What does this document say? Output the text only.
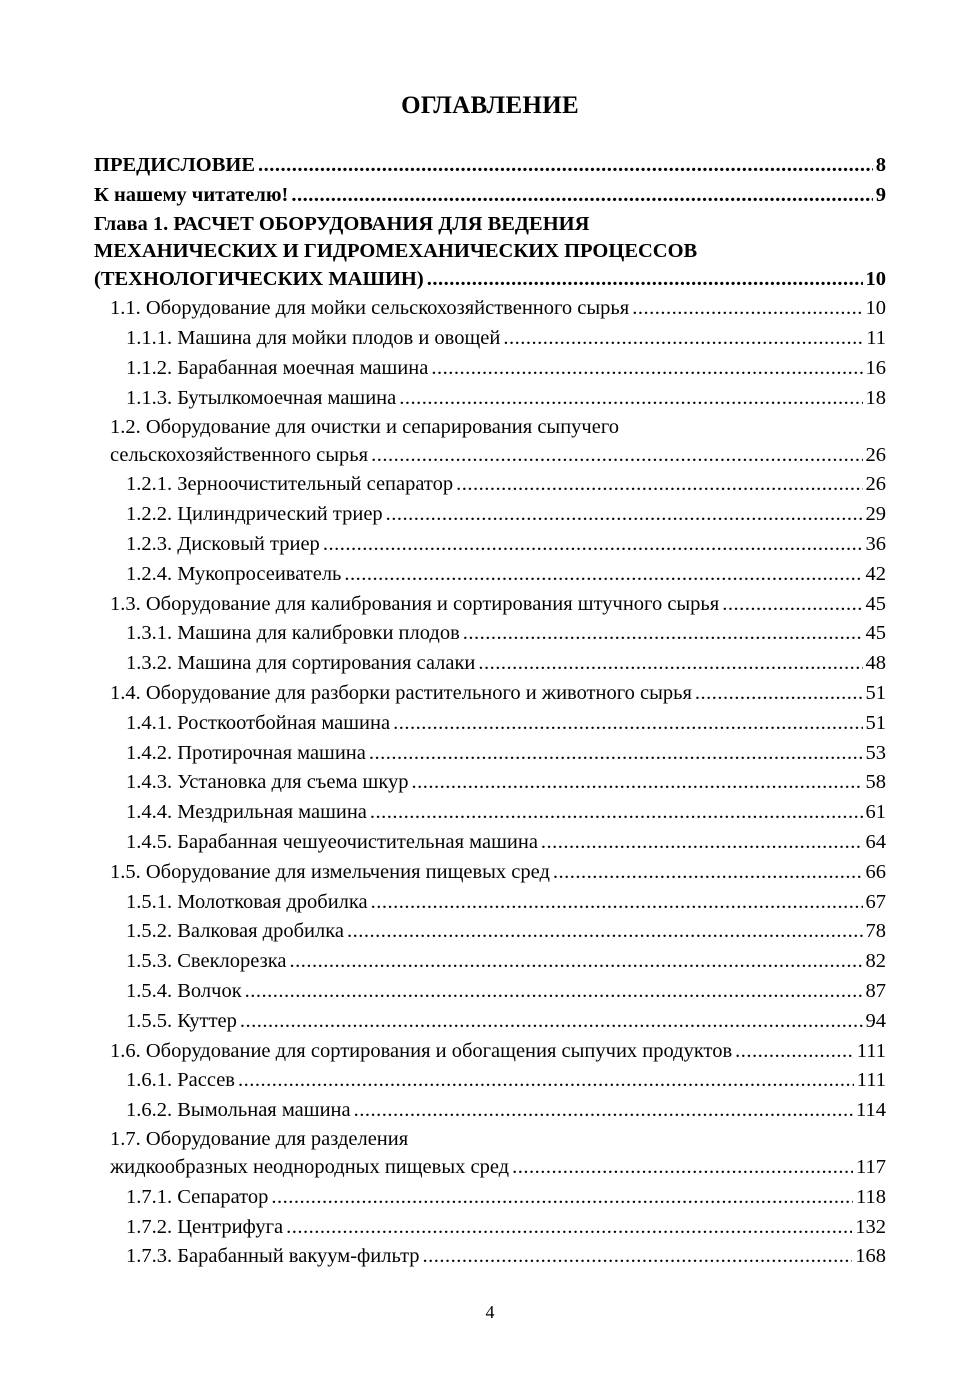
ОГЛАВЛЕНИЕ
ПРЕДИСЛОВИЕ .....	8
К нашему читателю! .....	9
Глава 1. РАСЧЕТ ОБОРУДОВАНИЯ ДЛЯ ВЕДЕНИЯ
МЕХАНИЧЕСКИХ И ГИДРОМЕХАНИЧЕСКИХ ПРОЦЕССОВ
(ТЕХНОЛОГИЧЕСКИХ МАШИН) .....	10
1.1. Оборудование для мойки сельскохозяйственного сырья .....	10
1.1.1. Машина для мойки плодов и овощей .....	11
1.1.2. Барабанная моечная машина .....	16
1.1.3. Бутылкомоечная машина .....	18
1.2. Оборудование для очистки и сепарирования сыпучего
сельскохозяйственного сырья .....	26
1.2.1. Зерноочистительный сепаратор .....	26
1.2.2. Цилиндрический триер .....	29
1.2.3. Дисковый триер .....	36
1.2.4. Мукопросеиватель .....	42
1.3. Оборудование для калибрования и сортирования штучного сырья .....	45
1.3.1. Машина для калибровки плодов .....	45
1.3.2. Машина для сортирования салаки .....	48
1.4. Оборудование для разборки растительного и животного сырья .....	51
1.4.1. Росткоотбойная машина .....	51
1.4.2. Протирочная машина .....	53
1.4.3. Установка для съема шкур .....	58
1.4.4. Мездрильная машина .....	61
1.4.5. Барабанная чешуеочистительная машина .....	64
1.5. Оборудование для измельчения пищевых сред .....	66
1.5.1. Молотковая дробилка .....	67
1.5.2. Валковая дробилка .....	78
1.5.3. Свеклорезка .....	82
1.5.4. Волчок .....	87
1.5.5. Куттер .....	94
1.6. Оборудование для сортирования и обогащения сыпучих продуктов .....	111
1.6.1. Рассев .....	111
1.6.2. Вымольная машина .....	114
1.7. Оборудование для разделения
жидкообразных неоднородных пищевых сред .....	117
1.7.1. Сепаратор .....	118
1.7.2. Центрифуга .....	132
1.7.3. Барабанный вакуум-фильтр .....	168
4
